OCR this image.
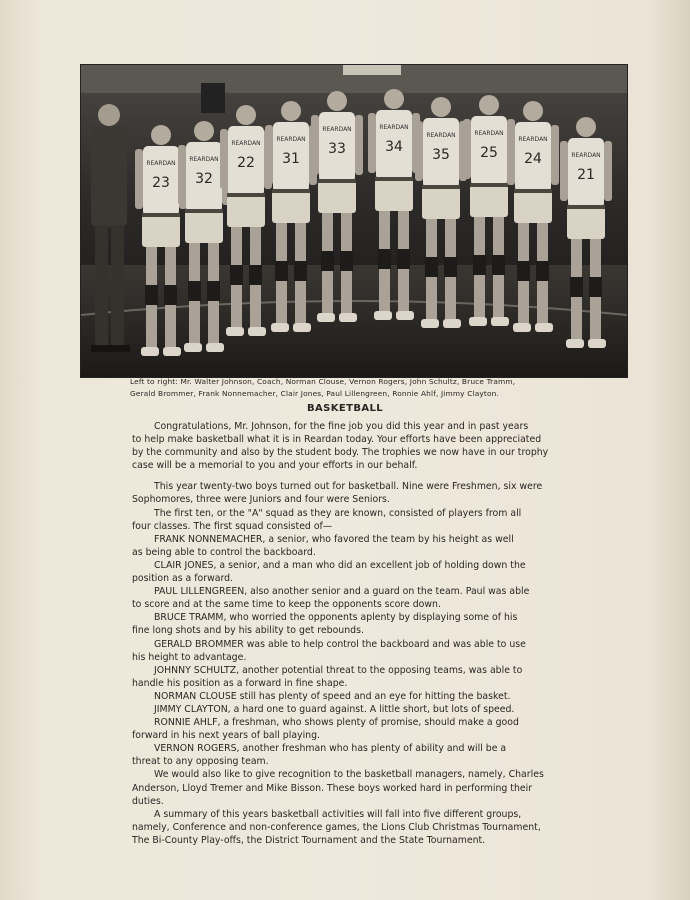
REARDAN
23
REARDAN
32
REARDAN
22
REARDAN
31
REARDAN
33
REARDAN
34
REARDAN
35
REARDAN
25
REARDAN
24	REARDAN
21
Left to right: Mr. Walter Johnson, Coach, Norman Clouse, Vernon Rogers, John Schultz, Bruce Tramm,
Gerald Brommer, Frank Nonnemacher, Clair Jones, Paul Lillengreen, Ronnie Ahlf, Jimmy Clayton.
BASKETBALL
Congratulations, Mr. Johnson, for the fine job you did this year and in past years
to help make basketball what it is in Reardan today. Your efforts have been appreciated
by the community and also by the student body. The trophies we now have in our trophy
case will be a memorial to you and your efforts in our behalf.
This year twenty-two boys turned out for basketball. Nine were Freshmen, six were
Sophomores, three were Juniors and four were Seniors.
The first ten, or the "A" squad as they are known, consisted of players from all
four classes. The first squad consisted of—
FRANK NONNEMACHER, a senior, who favored the team by his height as well
as being able to control the backboard.
CLAIR JONES, a senior, and a man who did an excellent job of holding down the
position as a forward.
PAUL LILLENGREEN, also another senior and a guard on the team. Paul was able
to score and at the same time to keep the opponents score down.
BRUCE TRAMM, who worried the opponents aplenty by displaying some of his
fine long shots and by his ability to get rebounds.
GERALD BROMMER was able to help control the backboard and was able to use
his height to advantage.
JOHNNY SCHULTZ, another potential threat to the opposing teams, was able to
handle his position as a forward in fine shape.
NORMAN CLOUSE still has plenty of speed and an eye for hitting the basket.
JIMMY CLAYTON, a hard one to guard against. A little short, but lots of speed.
RONNIE AHLF, a freshman, who shows plenty of promise, should make a good
forward in his next years of ball playing.
VERNON ROGERS, another freshman who has plenty of ability and will be a
threat to any opposing team.
We would also like to give recognition to the basketball managers, namely, Charles
Anderson, Lloyd Tremer and Mike Bisson. These boys worked hard in performing their
duties.
A summary of this years basketball activities will fall into five different groups,
namely, Conference and non-conference games, the Lions Club Christmas Tournament,
The Bi-County Play-offs, the District Tournament and the State Tournament.
